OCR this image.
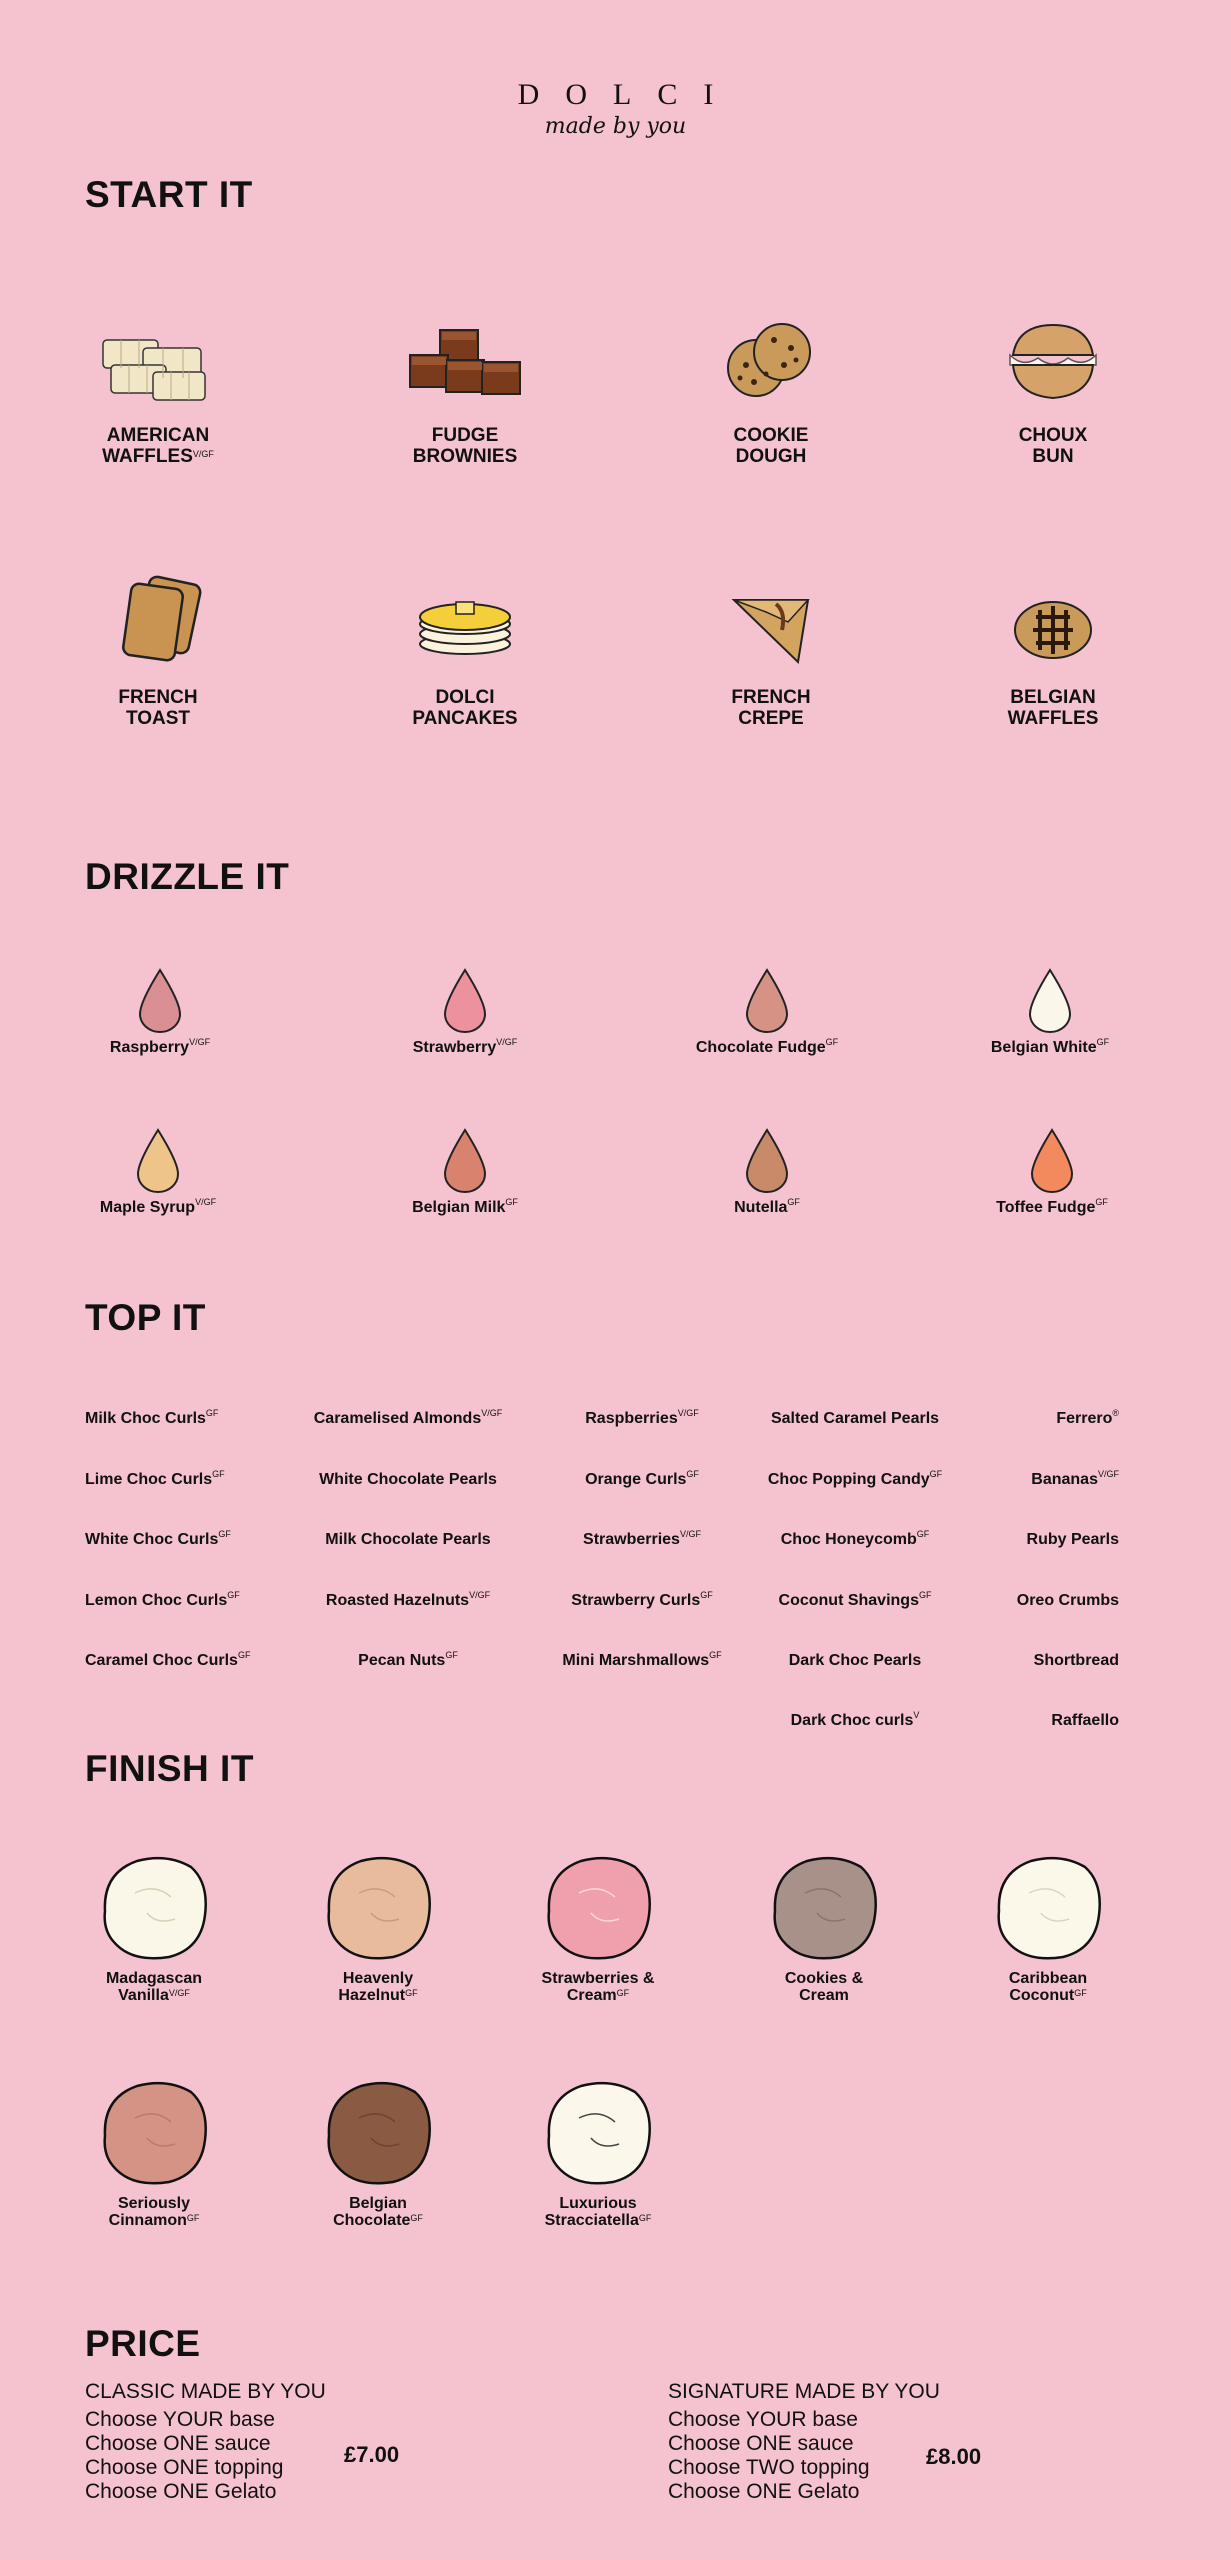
DOLCI
made by you
START IT
DRIZZLE IT
TOP IT
FINISH IT
PRICE
AMERICAN
$WAFFLES^{V/GF}$
FUDGE
BROWNIES
COOKIE
DOUGH
CHOUX
BUN
FRENCH
TOAST
DOLCI
PANCAKES
FRENCH
CREPE
BELGIAN
WAFFLES
Raspberry$^{V/GF}$	Strawberry$^{V/GF}$	Chocolate Fudge$^{GF}$	Belgian White$^{GF}$
Maple Syrup$^{V/GF}$	Belgian Milk$^{GF}$	Nutella$^{GF}$	Toffee Fudge$^{GF}$
Milk Choc Curls$^{GF}$
Lime Choc Curls$^{GF}$
White Choc Curls$^{GF}$
Lemon Choc Curls$^{GF}$
Caramel Choc Curls$^{GF}$
Caramelised Almonds$^{V/GF}$
White Chocolate Pearls
Milk Chocolate Pearls
Roasted Hazelnuts$^{V/GF}$
Pecan Nuts$^{GF}$
Raspberries$^{V/GF}$
Orange Curls$^{GF}$
Strawberries$^{V/GF}$
Strawberry Curls$^{GF}$
Mini Marshmallows$^{GF}$
Salted Caramel Pearls
Choc Popping Candy$^{GF}$
Choc Honeycomb$^{GF}$
Coconut Shavings$^{GF}$
Dark Choc Pearls
Dark Choc curls$^V$
Ferrero®
Bananas$^{V/GF}$
Ruby Pearls
Oreo Crumbs
Shortbread
Raffaello
Madagascan
Vanilla$^{V/GF}$
Heavenly
Hazelnut$^{GF}$
Strawberries &
Cream$^{GF}$
Cookies &
Cream
Caribbean
Coconut$^{GF}$
Seriously
Cinnamon$^{GF}$
Belgian
Chocolate$^{GF}$
Luxurious
Stracciatella$^{GF}$
CLASSIC MADE BY YOU
Choose YOUR base
Choose ONE sauce
Choose ONE topping
Choose ONE Gelato
£7.00
SIGNATURE MADE BY YOU
Choose YOUR base
Choose ONE sauce
Choose TWO topping
Choose ONE Gelato
£8.00
